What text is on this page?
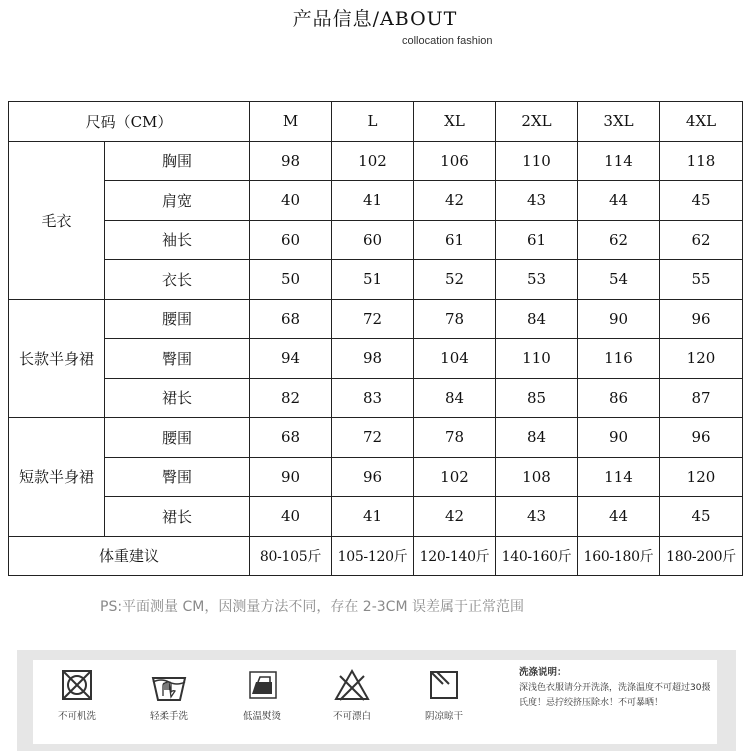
产品信息/ABOUT
collocation fashion
尺码（CM）		M	L	XL	2XL	3XL	4XL
毛衣	胸围	98	102	106	110	114	118
	肩宽	40	41	42	43	44	45
	袖长	60	60	61	61	62	62
	衣长	50	51	52	53	54	55
长款半身裙	腰围	68	72	78	84	90	96
	臀围	94	98	104	110	116	120
	裙长	82	83	84	85	86	87
短款半身裙	腰围	68	72	78	84	90	96
	臀围	90	96	102	108	114	120
	裙长	40	41	42	43	44	45
体重建议		80-105斤	105-120斤	120-140斤	140-160斤	160-180斤	180-200斤
PS:平面测量 CM，因测量方法不同，存在 2-3CM 误差属于正常范围
不可机洗	轻柔手洗	低温熨烫	不可漂白	阴凉晾干
洗涤说明：
深浅色衣服请分开洗涤，洗涤温度不可超过30摄氏度！忌拧绞挤压除水！不可暴晒！
